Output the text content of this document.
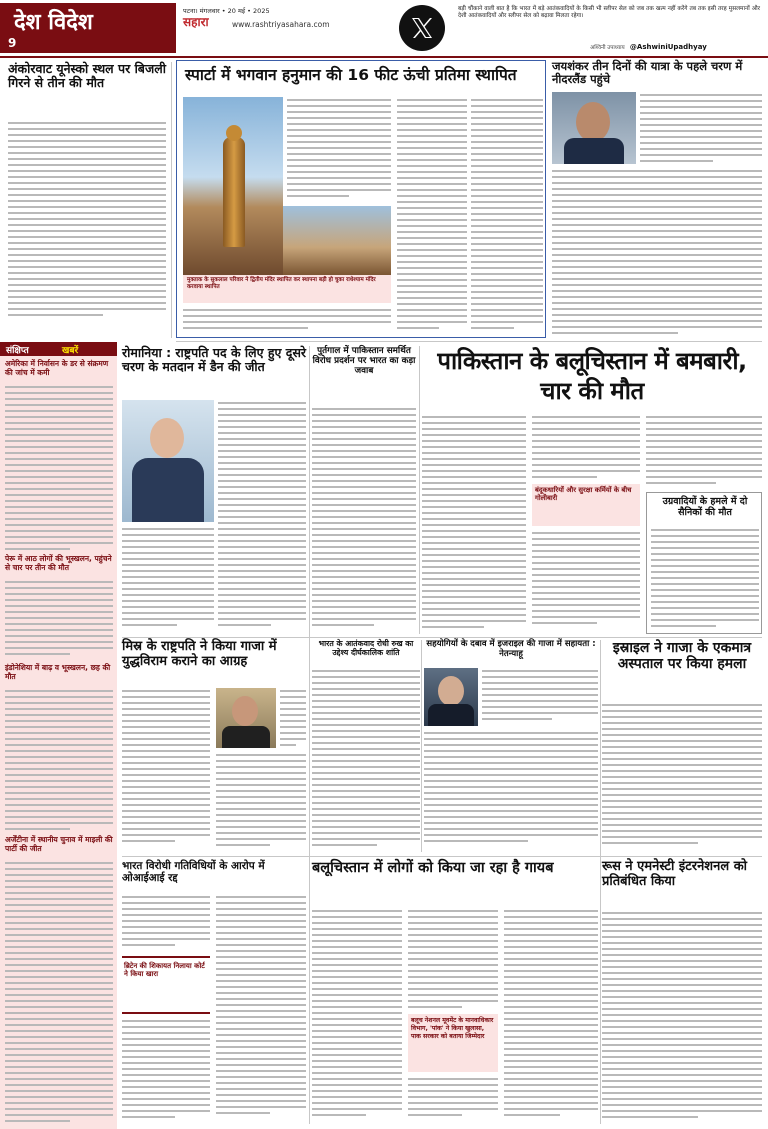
देश विदेश
9
पटना। मंगलवार • 20 मई • 2025
सहारा	www.rashtriyasahara.com
बड़ी चौंकाने वाली बात है कि भारत में बड़े आतंकवादियों के किसी भी स्लीपर सेल को जब तक खत्म नहीं करेंगे तब तक इसी तरह मुसलमानों और देशी आतंकवादियों और स्लीपर सेल को बढ़ावा मिलता रहेगा।
अश्विनी उपाध्याय @AshwiniUpadhyay
अंकोरवाट यूनेस्को स्थल पर बिजली गिरने से तीन की मौत	स्पार्टा में भगवान हनुमान की 16 फीट ऊंची प्रतिमा स्थापित
मुक्ताक के सुकलाल परिवार ने द्वितीय मंदिर स्थापित कर स्थापना बड़ी हो चुका राधेश्याम मंदिर करवाया स्थापित
जयशंकर तीन दिनों की यात्रा के पहले चरण में नीदरलैंड पहुंचे
संक्षिप्त	खबरें
अमेरिका में निर्वासन के डर से संक्रमण की जांच में कमी
पेरू में आठ लोगों की भूस्खलन, पहुंचने से चार पर तीन की मौत
इंडोनेशिया में बाढ़ व भूस्खलन, छह की मौत
अर्जेंटीना में स्थानीय चुनाव में माइली की पार्टी की जीत
रोमानिया : राष्ट्रपति पद के लिए हुए दूसरे चरण के मतदान में डैन की जीत
पुर्तगाल में पाकिस्तान समर्थित विरोध प्रदर्शन पर भारत का कड़ा जवाब	पाकिस्तान के बलूचिस्तान में बमबारी, चार की मौत
बंदूकधारियों और सुरक्षा कर्मियों के बीच गोलीबारी	उग्रवादियों के हमले में दो सैनिकों की मौत
मिस्र के राष्ट्रपति ने किया गाजा में युद्धविराम कराने का आग्रह
भारत के आतंकवाद रोधी रुख का उद्देश्य दीर्घकालिक शांति
सहयोगियों के दबाव में इजराइल की गाजा में सहायता : नेतन्याहू	इस्राइल ने गाजा के एकमात्र अस्पताल पर किया हमला
भारत विरोधी गतिविधियों के आरोप में ओआईआई रद्द
ब्रिटेन की शिकायत निलाया कोर्ट ने किया खारा
बलूचिस्तान में लोगों को किया जा रहा है गायब
बलूच नेशनल मूवमेंट के मानवाधिकार विभाग, 'पांक' ने किया खुलासा, पाक सरकार को बताया जिम्मेदार
रूस ने एमनेस्टी इंटरनेशनल को प्रतिबंधित किया
